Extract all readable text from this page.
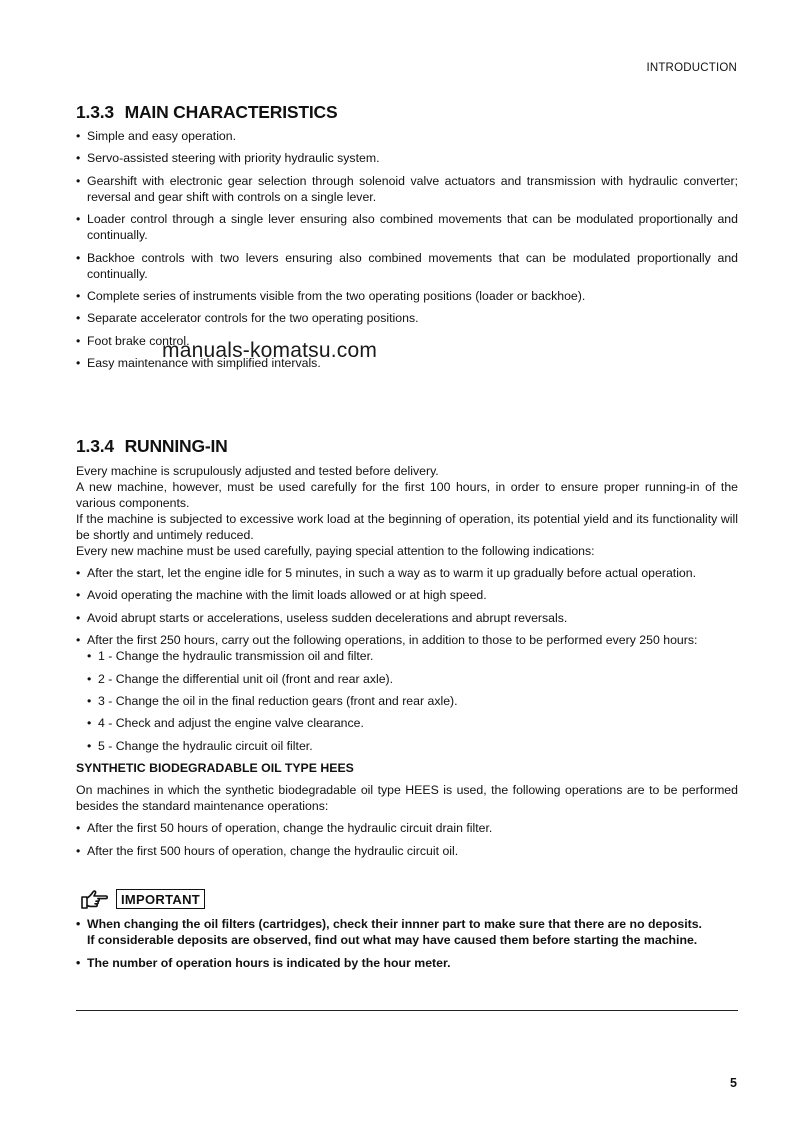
INTRODUCTION
1.3.3 MAIN CHARACTERISTICS
• Simple and easy operation.
• Servo-assisted steering with priority hydraulic system.
• Gearshift with electronic gear selection through solenoid valve actuators and transmission with hydraulic converter; reversal and gear shift with controls on a single lever.
• Loader control through a single lever ensuring also combined movements that can be modulated proportionally and continually.
• Backhoe controls with two levers ensuring also combined movements that can be modulated proportionally and continually.
• Complete series of instruments visible from the two operating positions (loader or backhoe).
• Separate accelerator controls for the two operating positions.
• Foot brake control.
• Easy maintenance with simplified intervals.
manuals-komatsu.com
1.3.4 RUNNING-IN

Every machine is scrupulously adjusted and tested before delivery.

A new machine, however, must be used carefully for the first 100 hours, in order to ensure proper running-in of the various components.

If the machine is subjected to excessive work load at the beginning of operation, its potential yield and its functionality will be shortly and untimely reduced.

Every new machine must be used carefully, paying special attention to the following indications:

• After the start, let the engine idle for 5 minutes, in such a way as to warm it up gradually before actual operation.
• Avoid operating the machine with the limit loads allowed or at high speed.
• Avoid abrupt starts or accelerations, useless sudden decelerations and abrupt reversals.
• After the first 250 hours, carry out the following operations, in addition to those to be performed every 250 hours:
• 1 - Change the hydraulic transmission oil and filter.
• 2 - Change the differential unit oil (front and rear axle).
• 3 - Change the oil in the final reduction gears (front and rear axle).
• 4 - Check and adjust the engine valve clearance.
• 5 - Change the hydraulic circuit oil filter.
SYNTHETIC BIODEGRADABLE OIL TYPE HEES

On machines in which the synthetic biodegradable oil type HEES is used, the following operations are to be performed besides the standard maintenance operations:

• After the first 50 hours of operation, change the hydraulic circuit drain filter.
• After the first 500 hours of operation, change the hydraulic circuit oil.
IMPORTANT
• When changing the oil filters (cartridges), check their innner part to make sure that there are no deposits.
If considerable deposits are observed, find out what may have caused them before starting the machine.
• The number of operation hours is indicated by the hour meter.
5
